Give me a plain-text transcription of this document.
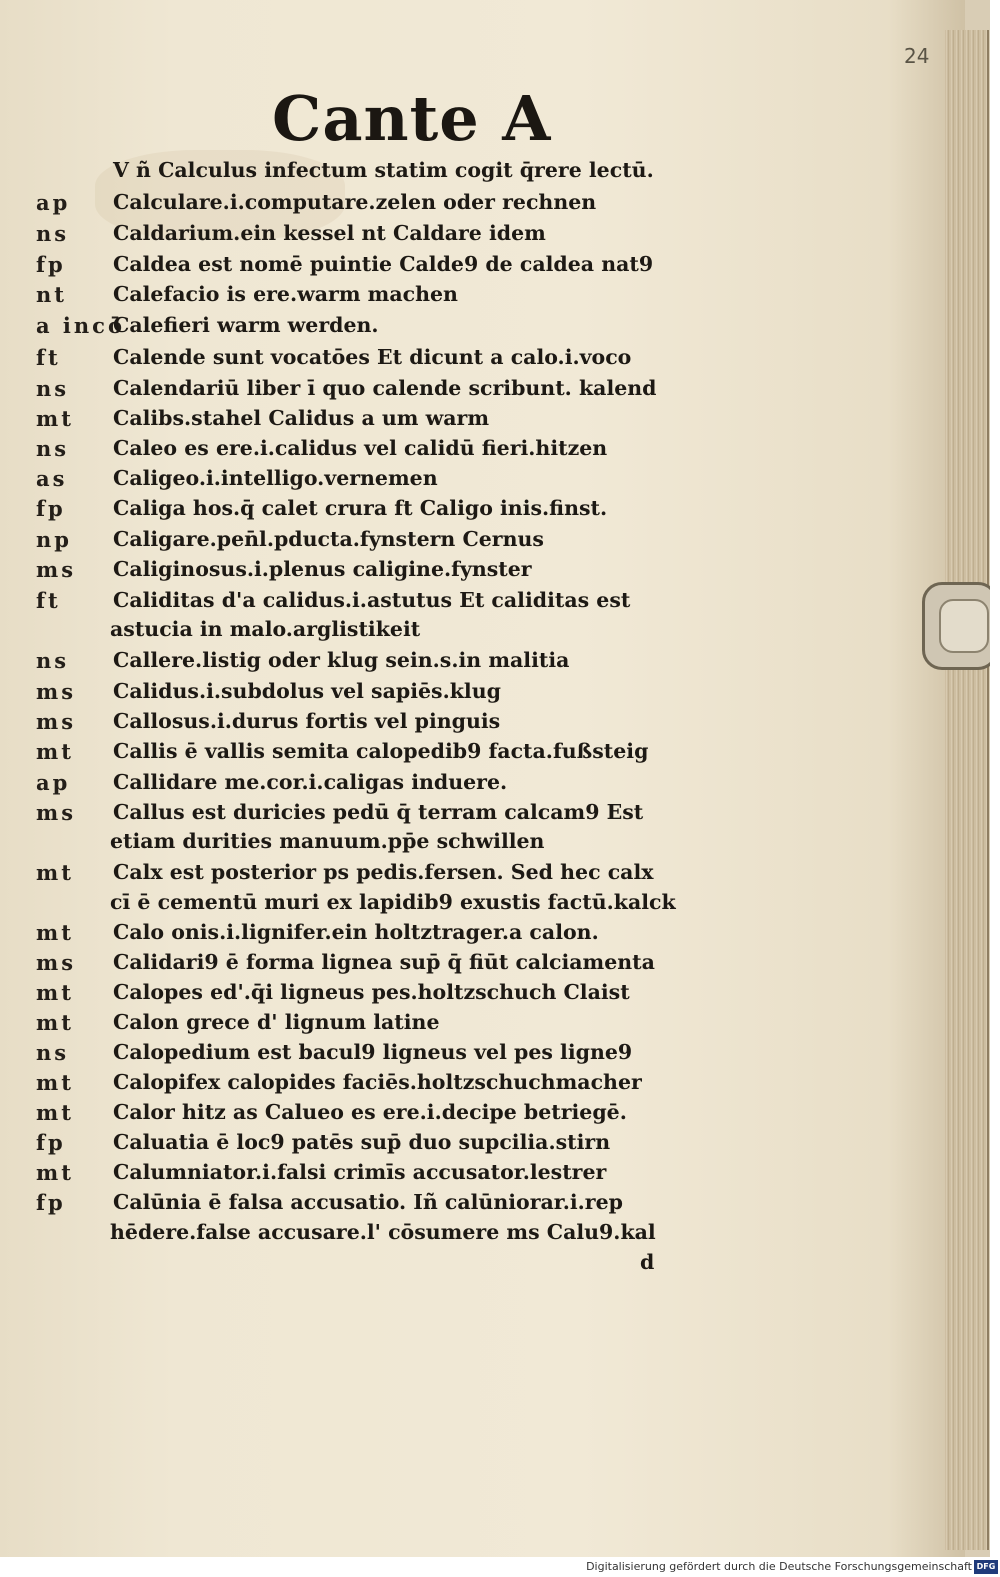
24
Cante A
V ñ Calculus infectum statim cogit q̄rere lectū.
ap Calculare.i.computare.zelen oder rechnen
ns Caldarium.ein kessel nt Caldare idem
fp Caldea est nomē puintie Calde9 de caldea nat9
nt Calefacio is ere.warm machen
a incō
Calefieri warm werden.
ft	Calende sunt vocatōes Et dicunt a calo.i.voco
ns Calendariū liber ī quo calende scribunt. kalend
mt Calibs.stahel Calidus a um warm
ns Caleo es ere.i.calidus vel calidū fieri.hitzen
as Caligeo.i.intelligo.vernemen
fp Caliga hos.q̄ calet crura ft Caligo inis.finst.
np Caligare.pen̄l.pducta.fynstern Cernus
ms Caliginosus.i.plenus caligine.fynster
ft	Caliditas d'a calidus.i.astutus Et caliditas est
astucia in malo.arglistikeit
ns Callere.listig oder klug sein.s.in malitia
ms Calidus.i.subdolus vel sapiēs.klug
ms Callosus.i.durus fortis vel pinguis
mt Callis ē vallis semita calopedib9 facta.fußsteig
ap Callidare me.cor.i.caligas induere.
ms Callus est duricies pedū q̄ terram calcam9 Est
etiam durities manuum.pp̄e schwillen
mt Calx est posterior ps pedis.fersen. Sed hec calx
cī ē cementū muri ex lapidib9 exustis factū.kalck
mt Calo onis.i.lignifer.ein holtztrager.a calon.
ms Calidari9 ē forma lignea sup̄ q̄ fiūt calciamenta
mt Calopes ed'.q̄i ligneus pes.holtzschuch Claist
mt Calon grece d' lignum latine
ns Calopedium est bacul9 ligneus vel pes ligne9
mt Calopifex calopides faciēs.holtzschuchmacher
mt Calor hitz as Calueo es ere.i.decipe betriegē.
fp Caluatia ē loc9 patēs sup̄ duo supcilia.stirn
mt Calumniator.i.falsi crimīs accusator.lestrer
fp Calūnia ē falsa accusatio. Iñ calūniorar.i.rep
hēdere.false accusare.l' cōsumere ms Calu9.kal
d
Digitalisierung gefördert durch die Deutsche Forschungsgemeinschaft DFG
